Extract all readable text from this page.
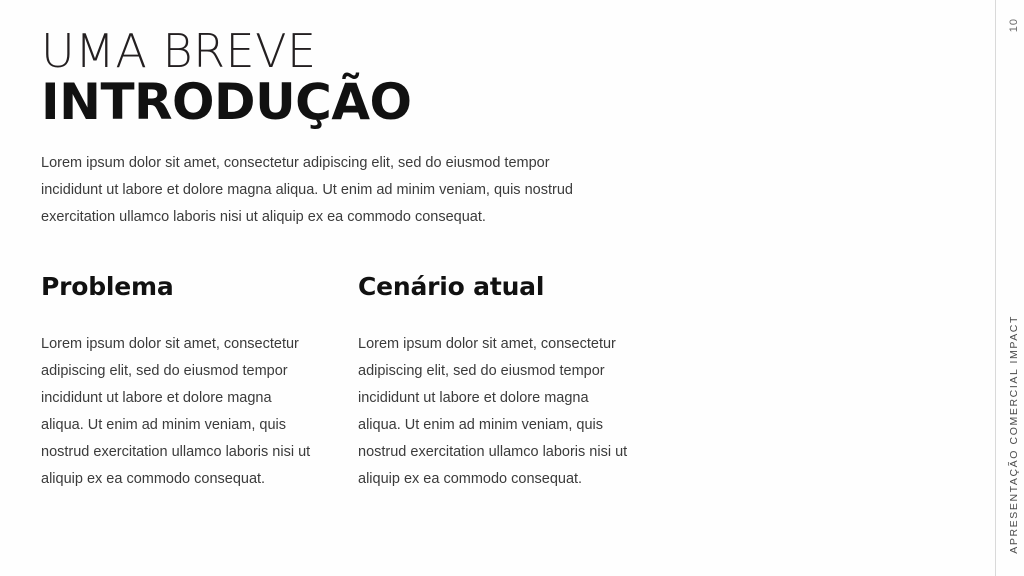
10
APRESENTAÇÃO COMERCIAL IMPACT
UMA BREVE
INTRODUÇÃO
Lorem ipsum dolor sit amet, consectetur adipiscing elit, sed do eiusmod tempor incididunt ut labore et dolore magna aliqua. Ut enim ad minim veniam, quis nostrud exercitation ullamco laboris nisi ut aliquip ex ea commodo consequat.
Problema
Lorem ipsum dolor sit amet, consectetur adipiscing elit, sed do eiusmod tempor incididunt ut labore et dolore magna aliqua. Ut enim ad minim veniam, quis nostrud exercitation ullamco laboris nisi ut aliquip ex ea commodo consequat.
Cenário atual
Lorem ipsum dolor sit amet, consectetur adipiscing elit, sed do eiusmod tempor incididunt ut labore et dolore magna aliqua. Ut enim ad minim veniam, quis nostrud exercitation ullamco laboris nisi ut aliquip ex ea commodo consequat.
